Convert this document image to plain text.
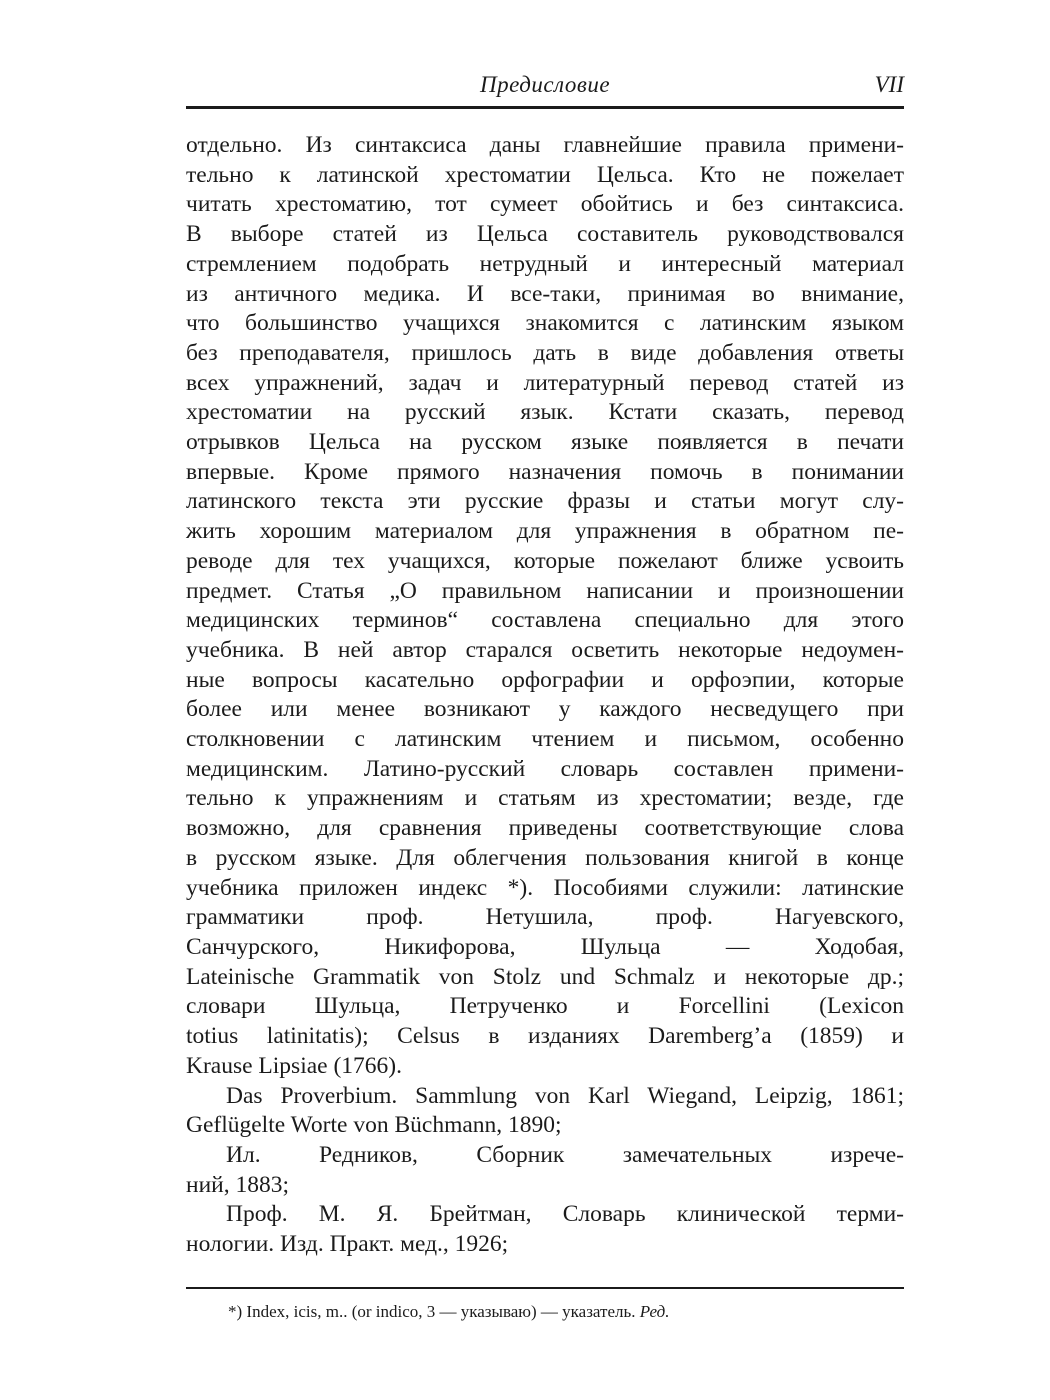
Предисловие	VII
отдельно. Из синтаксиса даны главнейшие правила примени-
тельно к латинской хрестоматии Цельса. Кто не пожелает
читать хрестоматию, тот сумеет обойтись и без синтаксиса.
В выборе статей из Цельса составитель руководствовался
стремлением подобрать нетрудный и интересный материал
из античного медика. И все-таки, принимая во внимание,
что большинство учащихся знакомится с латинским языком
без преподавателя, пришлось дать в виде добавления ответы
всех упражнений, задач и литературный перевод статей из
хрестоматии на русский язык. Кстати сказать, перевод
отрывков Цельса на русском языке появляется в печати
впервые. Кроме прямого назначения помочь в понимании
латинского текста эти русские фразы и статьи могут слу-
жить хорошим материалом для упражнения в обратном пе-
реводе для тех учащихся, которые пожелают ближе усвоить
предмет. Статья „О правильном написании и произношении
медицинских терминов“ составлена специально для этого
учебника. В ней автор старался осветить некоторые недоумен-
ные вопросы касательно орфографии и орфоэпии, которые
более или менее возникают у каждого несведущего при
столкновении с латинским чтением и письмом, особенно
медицинским. Латино-русский словарь составлен примени-
тельно к упражнениям и статьям из хрестоматии; везде, где
возможно, для сравнения приведены соответствующие слова
в русском языке. Для облегчения пользования книгой в конце
учебника приложен индекс *). Пособиями служили: латинские
грамматики проф. Нетушила, проф. Нагуевского,
Санчурского, Никифорова, Шульца — Ходобая,
Lateinische Grammatik von Stolz und Schmalz и некоторые др.;
словари Шульца, Петрученко и Forcellini (Lexicon
totius latinitatis); Celsus в изданиях Daremberg’a (1859) и
Krause Lipsiae (1766).
Das Proverbium. Sammlung von Karl Wiegand, Leipzig, 1861;
Geflügelte Worte von Büchmann, 1890;
Ил. Редников, Сборник замечательных изрече-
ний, 1883;
Проф. М. Я. Брейтман, Словарь клинической терми-
нологии. Изд. Практ. мед., 1926;
*) Index, icis, m.. (or indico, 3 — указываю) — указатель. Ред.
